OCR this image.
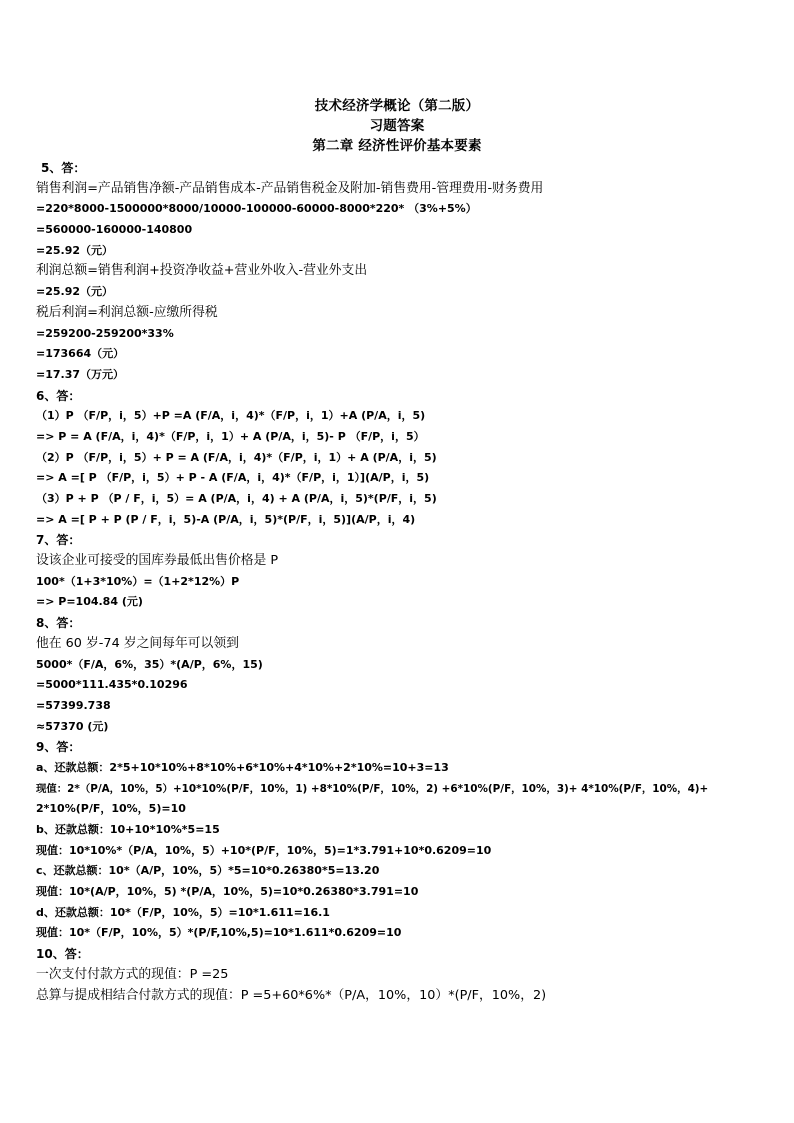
技术经济学概论（第二版）
习题答案
第二章 经济性评价基本要素
5、答：
销售利润=产品销售净额-产品销售成本-产品销售税金及附加-销售费用-管理费用-财务费用
=220*8000-1500000*8000/10000-100000-60000-8000*220* （3%+5%）
=560000-160000-140800
=25.92（元）
利润总额=销售利润+投资净收益+营业外收入-营业外支出
=25.92（元）
税后利润=利润总额-应缴所得税
=259200-259200*33%
=173664（元）
=17.37（万元）
6、答：
（1）P （F/P，i，5）+P =A (F/A，i，4)*（F/P，i，1）+A (P/A，i，5)
=> P = A (F/A，i，4)*（F/P，i，1）+ A (P/A，i，5)- P （F/P，i，5）
（2）P （F/P，i，5）+ P = A (F/A，i，4)*（F/P，i，1）+ A (P/A，i，5)
=> A =[ P （F/P，i，5）+ P - A (F/A，i，4)*（F/P，i，1）](A/P，i，5)
（3）P + P （P / F，i，5）= A (P/A，i，4) + A (P/A，i，5)*(P/F，i，5)
=> A =[ P + P (P / F，i，5)-A (P/A，i，5)*(P/F，i，5)](A/P，i，4)
7、答：
设该企业可接受的国库券最低出售价格是 P
100*（1+3*10%）=（1+2*12%）P
=> P=104.84 (元)
8、答：
他在 60 岁-74 岁之间每年可以领到
5000*（F/A，6%，35）*(A/P，6%，15)
=5000*111.435*0.10296
=57399.738
≈57370 (元)
9、答：
a、还款总额：2*5+10*10%+8*10%+6*10%+4*10%+2*10%=10+3=13
现值：2*（P/A，10%，5）+10*10%(P/F，10%，1) +8*10%(P/F，10%，2) +6*10%(P/F，10%，3)+ 4*10%(P/F，10%，4)+
2*10%(P/F，10%，5)=10
b、还款总额：10+10*10%*5=15
现值：10*10%*（P/A，10%，5）+10*(P/F，10%，5)=1*3.791+10*0.6209=10
c、还款总额：10*（A/P，10%，5）*5=10*0.26380*5=13.20
现值：10*(A/P，10%，5) *(P/A，10%，5)=10*0.26380*3.791=10
d、还款总额：10*（F/P，10%，5）=10*1.611=16.1
现值：10*（F/P，10%，5）*(P/F,10%,5)=10*1.611*0.6209=10
10、答：
一次支付付款方式的现值：P =25
总算与提成相结合付款方式的现值：P =5+60*6%*（P/A，10%，10）*(P/F，10%，2)
